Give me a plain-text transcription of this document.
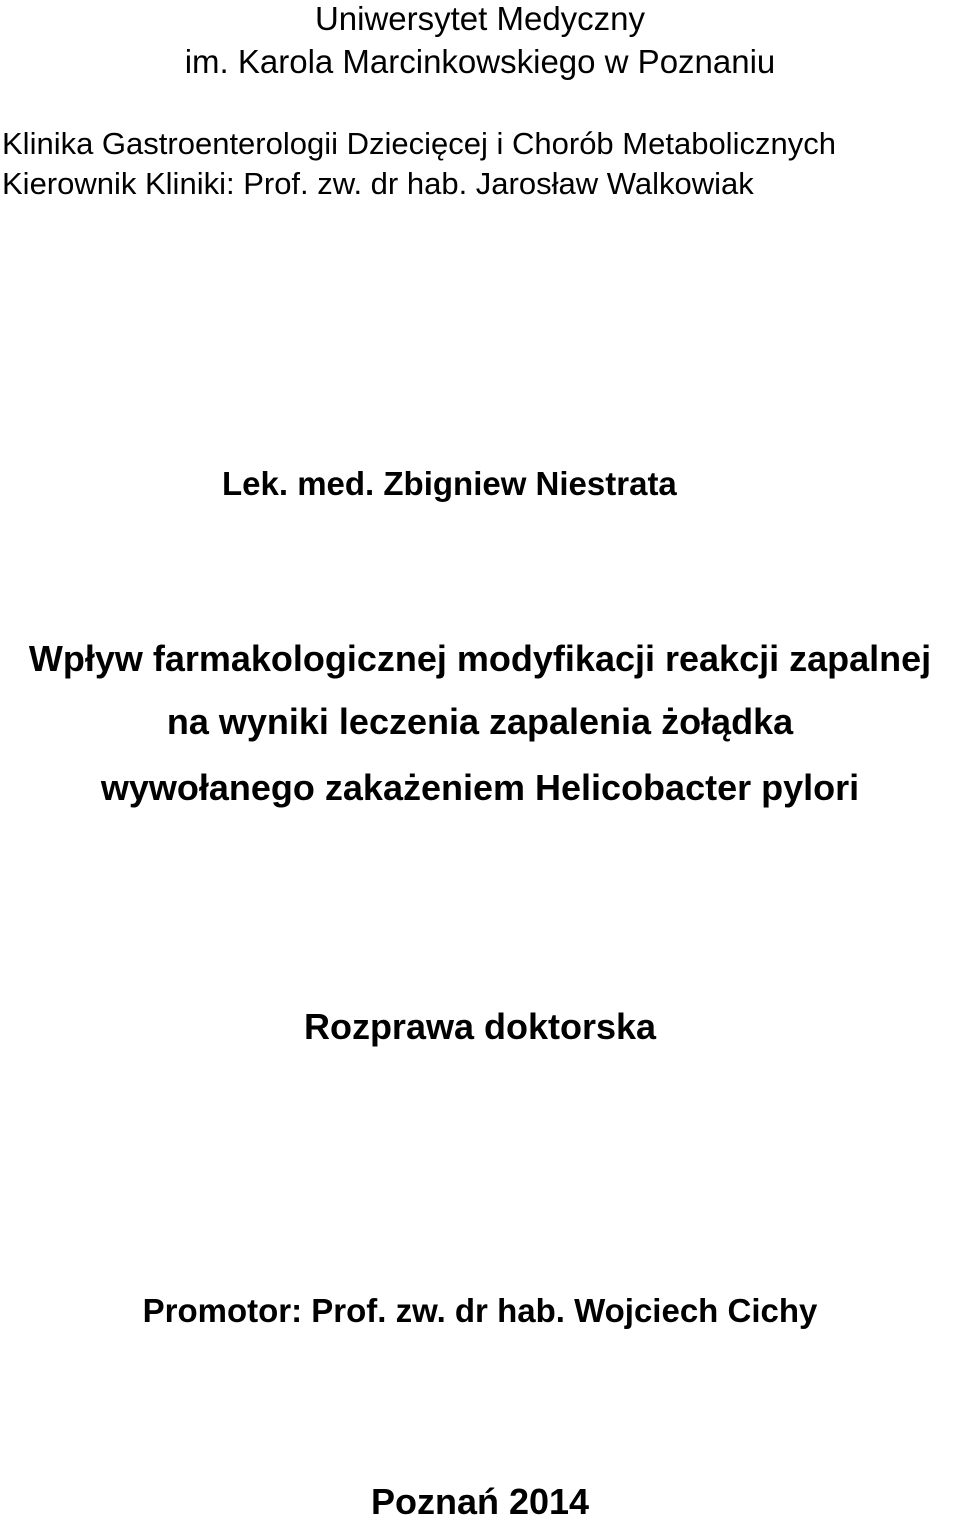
Uniwersytet Medyczny
im. Karola Marcinkowskiego w Poznaniu
Klinika Gastroenterologii Dziecięcej i Chorób Metabolicznych
Kierownik Kliniki: Prof. zw. dr hab. Jarosław Walkowiak
Lek. med. Zbigniew Niestrata
Wpływ farmakologicznej modyfikacji reakcji zapalnej
na wyniki leczenia zapalenia żołądka
wywołanego zakażeniem Helicobacter pylori
Rozprawa doktorska
Promotor: Prof. zw. dr hab. Wojciech Cichy
Poznań 2014
